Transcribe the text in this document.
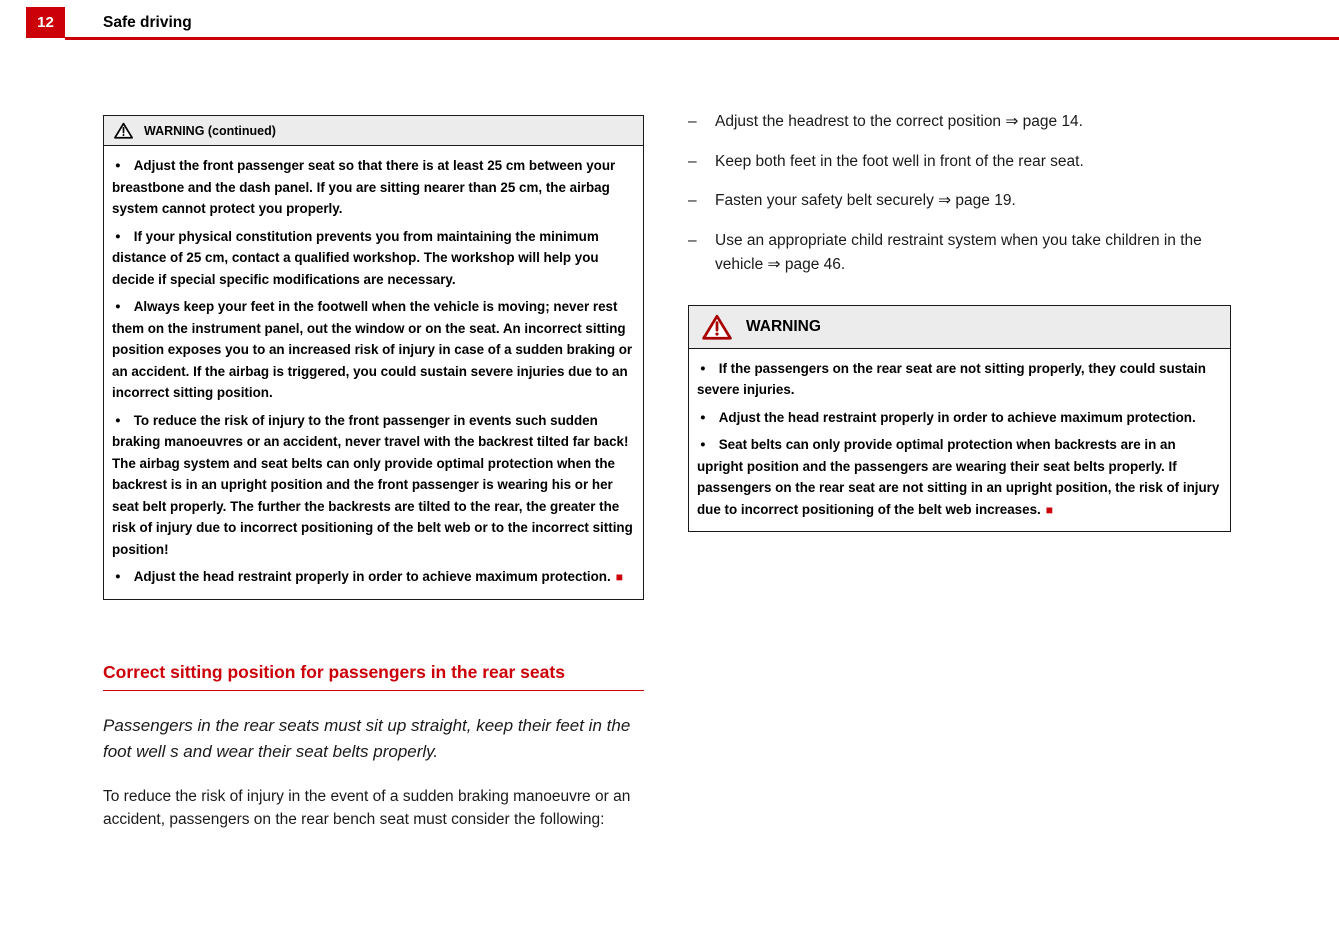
12	Safe driving
WARNING (continued)

● Adjust the front passenger seat so that there is at least 25 cm between your breastbone and the dash panel. If you are sitting nearer than 25 cm, the airbag system cannot protect you properly.

● If your physical constitution prevents you from maintaining the minimum distance of 25 cm, contact a qualified workshop. The workshop will help you decide if special specific modifications are necessary.

● Always keep your feet in the footwell when the vehicle is moving; never rest them on the instrument panel, out the window or on the seat. An incorrect sitting position exposes you to an increased risk of injury in case of a sudden braking or an accident. If the airbag is triggered, you could sustain severe injuries due to an incorrect sitting position.

● To reduce the risk of injury to the front passenger in events such sudden braking manoeuvres or an accident, never travel with the backrest tilted far back! The airbag system and seat belts can only provide optimal protection when the backrest is in an upright position and the front passenger is wearing his or her seat belt properly. The further the backrests are tilted to the rear, the greater the risk of injury due to incorrect positioning of the belt web or to the incorrect sitting position!

● Adjust the head restraint properly in order to achieve maximum protection. ■

Correct sitting position for passengers in the rear seats

Passengers in the rear seats must sit up straight, keep their feet in the foot well s and wear their seat belts properly.

To reduce the risk of injury in the event of a sudden braking manoeuvre or an accident, passengers on the rear bench seat must consider the following:

– Adjust the headrest to the correct position ⇒ page 14.
– Keep both feet in the foot well in front of the rear seat.
– Fasten your safety belt securely ⇒ page 19.
– Use an appropriate child restraint system when you take children in the vehicle ⇒ page 46.
WARNING

● If the passengers on the rear seat are not sitting properly, they could sustain severe injuries.

● Adjust the head restraint properly in order to achieve maximum protection.

● Seat belts can only provide optimal protection when backrests are in an upright position and the passengers are wearing their seat belts properly. If passengers on the rear seat are not sitting in an upright position, the risk of injury due to incorrect positioning of the belt web increases. ■
